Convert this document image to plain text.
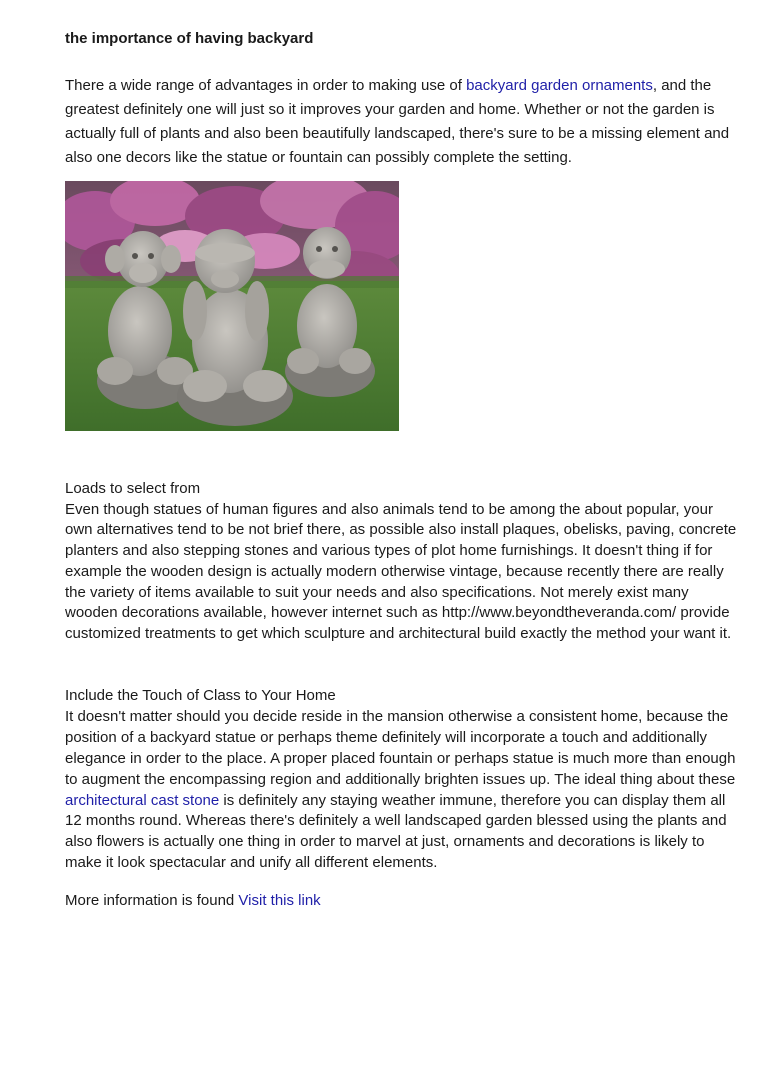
the importance of having backyard

There a wide range of advantages in order to making use of backyard garden ornaments, and the greatest definitely one will just so it improves your garden and home. Whether or not the garden is actually full of plants and also been beautifully landscaped, there's sure to be a missing element and also one decors like the statue or fountain can possibly complete the setting.

Loads to select from
Even though statues of human figures and also animals tend to be among the about popular, your own alternatives tend to be not brief there, as possible also install plaques, obelisks, paving, concrete planters and also stepping stones and various types of plot home furnishings. It doesn't thing if for example the wooden design is actually modern otherwise vintage, because recently there are really the variety of items available to suit your needs and also specifications. Not merely exist many wooden decorations available, however internet such as http://www.beyondtheveranda.com/ provide customized treatments to get which sculpture and architectural build exactly the method your want it.

Include the Touch of Class to Your Home
It doesn't matter should you decide reside in the mansion otherwise a consistent home, because the position of a backyard statue or perhaps theme definitely will incorporate a touch and additionally elegance in order to the place. A proper placed fountain or perhaps statue is much more than enough to augment the encompassing region and additionally brighten issues up. The ideal thing about these architectural cast stone is definitely any staying weather immune, therefore you can display them all 12 months round. Whereas there's definitely a well landscaped garden blessed using the plants and also flowers is actually one thing in order to marvel at just, ornaments and decorations is likely to make it look spectacular and unify all different elements.

More information is found Visit this link
